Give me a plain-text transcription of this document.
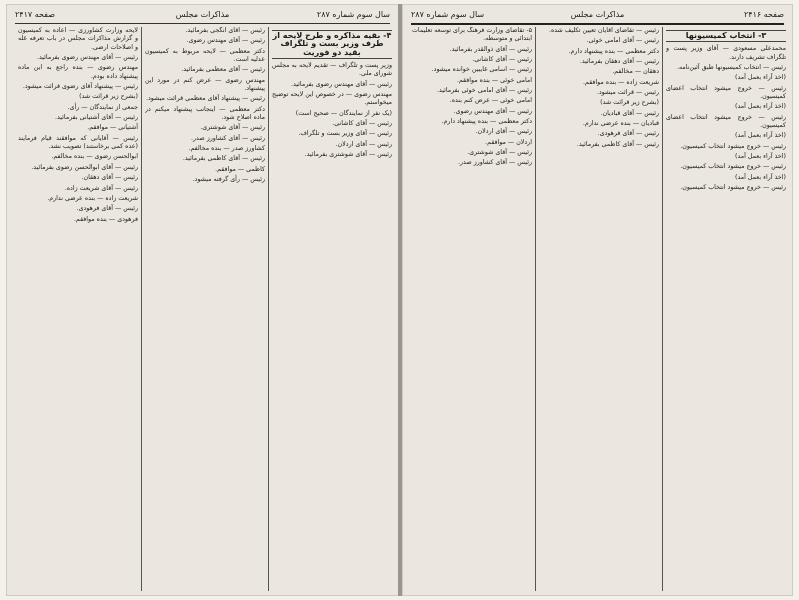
صفحه ۲۴۱۷	مذاکرات مجلس	سال سوم شماره ۲۸۷

لایحه وزارت کشاورزی — اعاده به کمیسیون و گزارش مذاکرات مجلس در باب تعرفه غله و اصلاحات ارضی.

رئیس — آقای مهندس رضوی بفرمائید.

مهندس رضوی — بنده راجع به این ماده پیشنهاد داده بودم.

رئیس — پیشنهاد آقای رضوی قرائت میشود.

(بشرح زیر قرائت شد)

جمعی از نمایندگان — رأی.

رئیس — آقای آشتیانی بفرمائید.

آشتیانی — موافقم.

رئیس — آقایانی که موافقند قیام فرمایند (عده کمی برخاستند) تصویب نشد.

ابوالحسن رضوی — بنده مخالفم.

رئیس — آقای ابوالحسن رضوی بفرمائید.

رئیس — آقای دهقان.

رئیس — آقای شریعت زاده.

شریعت زاده — بنده عرضی ندارم.

رئیس — آقای فرهودی.

فرهودی — بنده موافقم.

رئیس — آقای انگجی بفرمائید.

رئیس — آقای مهندس رضوی.

دکتر معظمی — لایحه مربوط به کمیسیون عدلیه است.

رئیس — آقای معظمی بفرمائید.

مهندس رضوی — عرض کنم در مورد این پیشنهاد.

رئیس — پیشنهاد آقای معظمی قرائت میشود.

دکتر معظمی — اینجانب پیشنهاد میکنم در ماده اصلاح شود.

رئیس — آقای شوشتری.

رئیس — آقای کشاورز صدر.

کشاورز صدر — بنده مخالفم.

رئیس — آقای کاظمی بفرمائید.

کاظمی — موافقم.

رئیس — رأی گرفته میشود.

۴- بقیه مذاکره و طرح لایحه از طرف وزیر بست و تلگراف بقید دو فوریت

وزیر پست و تلگراف — تقدیم لایحه به مجلس شورای ملی.

رئیس — آقای مهندس رضوی بفرمائید.

مهندس رضوی — در خصوص این لایحه توضیح میخواستم.

(یک نفر از نمایندگان — صحیح است)

رئیس — آقای کاشانی.

رئیس — آقای وزیر بست و تلگراف.

رئیس — آقای اردلان.

رئیس — آقای شوشتری بفرمائید.

سال سوم شماره ۲۸۷	مذاکرات مجلس	صفحه ۲۴۱۶

۵- تقاضای وزارت فرهنگ برای توسعه تعلیمات ابتدائی و متوسطه.

رئیس — آقای ذوالقدر بفرمائید.

رئیس — آقای کاشانی.

رئیس — اسامی غایبین خوانده میشود.

امامی خوئی — بنده موافقم.

رئیس — آقای امامی خوئی بفرمائید.

امامی خوئی — عرض کنم بنده.

رئیس — آقای مهندس رضوی.

دکتر معظمی — بنده پیشنهاد دارم.

رئیس — آقای اردلان.

اردلان — موافقم.

رئیس — آقای شوشتری.

رئیس — آقای کشاورز صدر.

رئیس — تقاضای آقایان تعیین تکلیف شده.

رئیس — آقای امامی خوئی.

دکتر معظمی — بنده پیشنهاد دارم.

رئیس — آقای دهقان بفرمائید.

دهقان — مخالفم.

شریعت زاده — بنده موافقم.

رئیس — قرائت میشود.

(بشرح زیر قرائت شد)

رئیس — آقای قبادیان.

قبادیان — بنده عرضی ندارم.

رئیس — آقای فرهودی.

رئیس — آقای کاظمی بفرمائید.

۳- انتخاب کمیسیونها

محمدعلی مسعودی — آقای وزیر پست و تلگراف تشریف دارند.

رئیس — انتخاب کمیسیونها طبق آئین‌نامه.

(اخذ آراء بعمل آمد)

رئیس — خروج میشود انتخاب اعضای کمیسیون.

(اخذ آراء بعمل آمد)

رئیس — خروج میشود انتخاب اعضای کمیسیون.

(اخذ آراء بعمل آمد)

رئیس — خروج میشود انتخاب کمیسیون.

(اخذ آراء بعمل آمد)

رئیس — خروج میشود انتخاب کمیسیون.

(اخذ آراء بعمل آمد)

رئیس — خروج میشود انتخاب کمیسیون.
